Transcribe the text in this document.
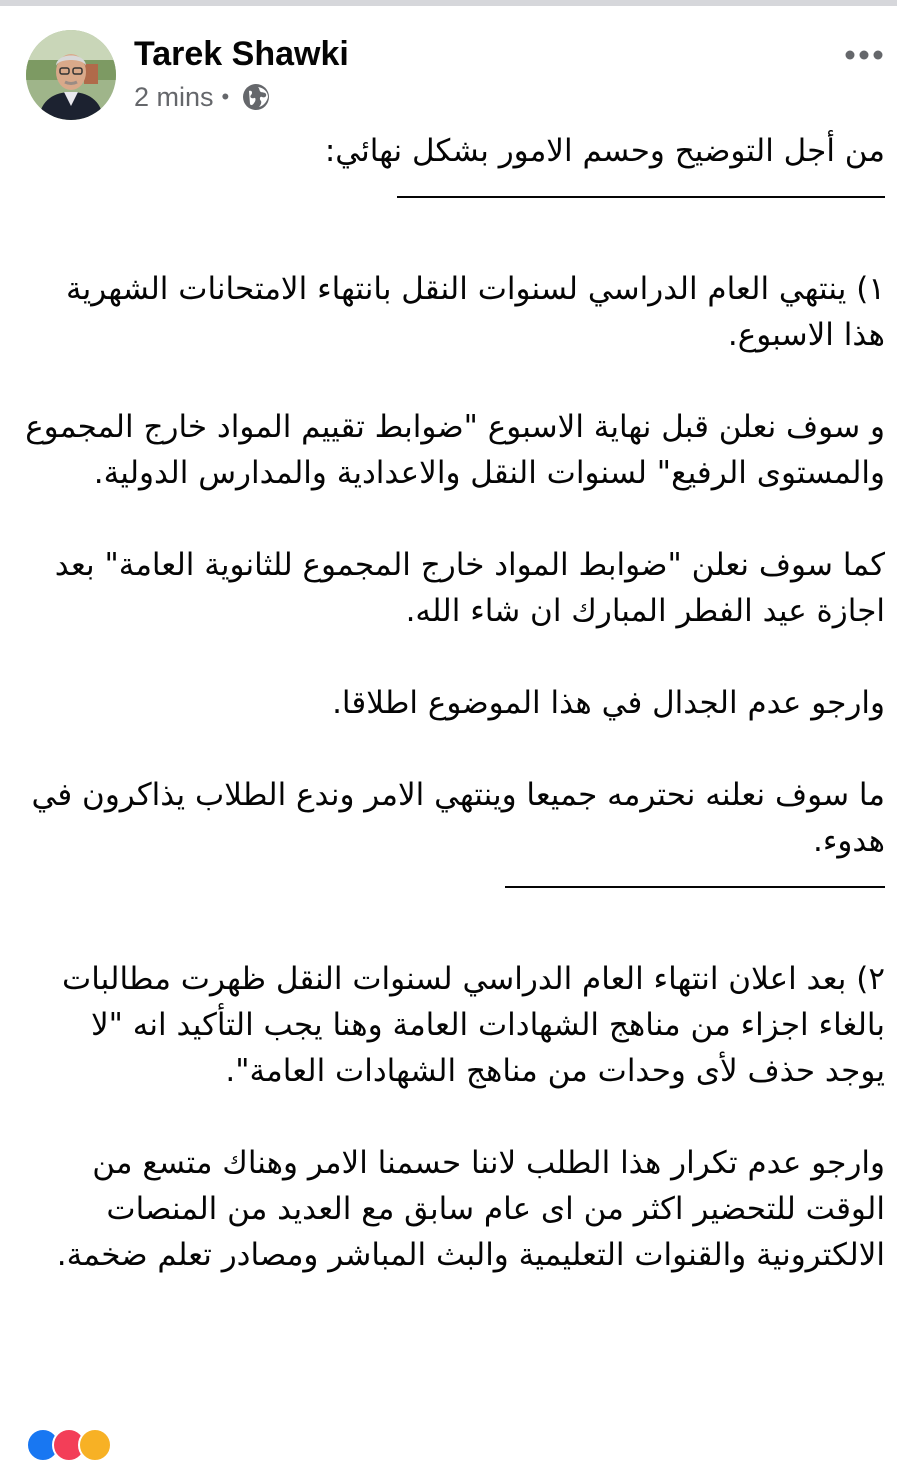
Tarek Shawki
2 mins •

من أجل التوضيح وحسم الامور بشكل نهائي:

١) ينتهي العام الدراسي لسنوات النقل بانتهاء الامتحانات الشهرية هذا الاسبوع.

و سوف نعلن قبل نهاية الاسبوع "ضوابط تقييم المواد خارج المجموع والمستوى الرفيع" لسنوات النقل والاعدادية والمدارس الدولية.

كما سوف نعلن "ضوابط المواد خارج المجموع للثانوية العامة" بعد اجازة عيد الفطر المبارك ان شاء الله.

وارجو عدم الجدال في هذا الموضوع اطلاقا.

ما سوف نعلنه نحترمه جميعا وينتهي الامر وندع الطلاب يذاكرون في هدوء.

٢) بعد اعلان انتهاء العام الدراسي لسنوات النقل ظهرت مطالبات بالغاء اجزاء من مناهج الشهادات العامة وهنا يجب التأكيد انه "لا يوجد حذف لأى وحدات من مناهج الشهادات العامة".

وارجو عدم تكرار هذا الطلب لاننا حسمنا الامر وهناك متسع من الوقت للتحضير اكثر من اى عام سابق مع العديد من المنصات الالكترونية والقنوات التعليمية والبث المباشر ومصادر تعلم ضخمة.
